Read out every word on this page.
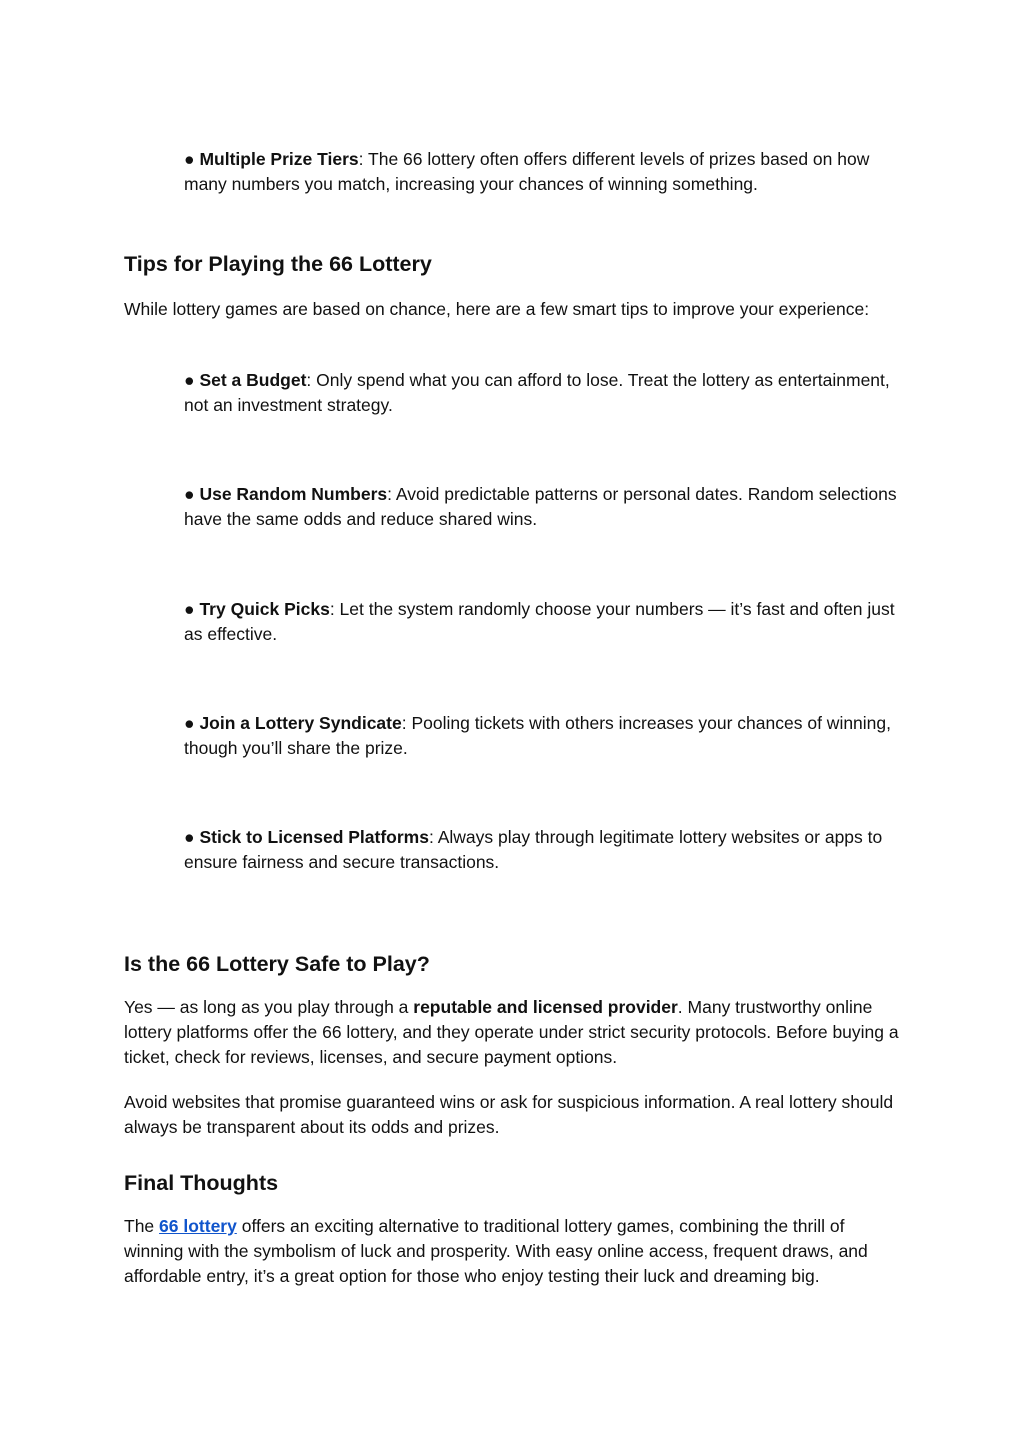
● Multiple Prize Tiers: The 66 lottery often offers different levels of prizes based on how many numbers you match, increasing your chances of winning something.

Tips for Playing the 66 Lottery

While lottery games are based on chance, here are a few smart tips to improve your experience:

● Set a Budget: Only spend what you can afford to lose. Treat the lottery as entertainment, not an investment strategy.

● Use Random Numbers: Avoid predictable patterns or personal dates. Random selections have the same odds and reduce shared wins.

● Try Quick Picks: Let the system randomly choose your numbers — it’s fast and often just as effective.

● Join a Lottery Syndicate: Pooling tickets with others increases your chances of winning, though you’ll share the prize.

● Stick to Licensed Platforms: Always play through legitimate lottery websites or apps to ensure fairness and secure transactions.

Is the 66 Lottery Safe to Play?

Yes — as long as you play through a reputable and licensed provider. Many trustworthy online lottery platforms offer the 66 lottery, and they operate under strict security protocols. Before buying a ticket, check for reviews, licenses, and secure payment options.

Avoid websites that promise guaranteed wins or ask for suspicious information. A real lottery should always be transparent about its odds and prizes.

Final Thoughts

The 66 lottery offers an exciting alternative to traditional lottery games, combining the thrill of winning with the symbolism of luck and prosperity. With easy online access, frequent draws, and affordable entry, it’s a great option for those who enjoy testing their luck and dreaming big.
